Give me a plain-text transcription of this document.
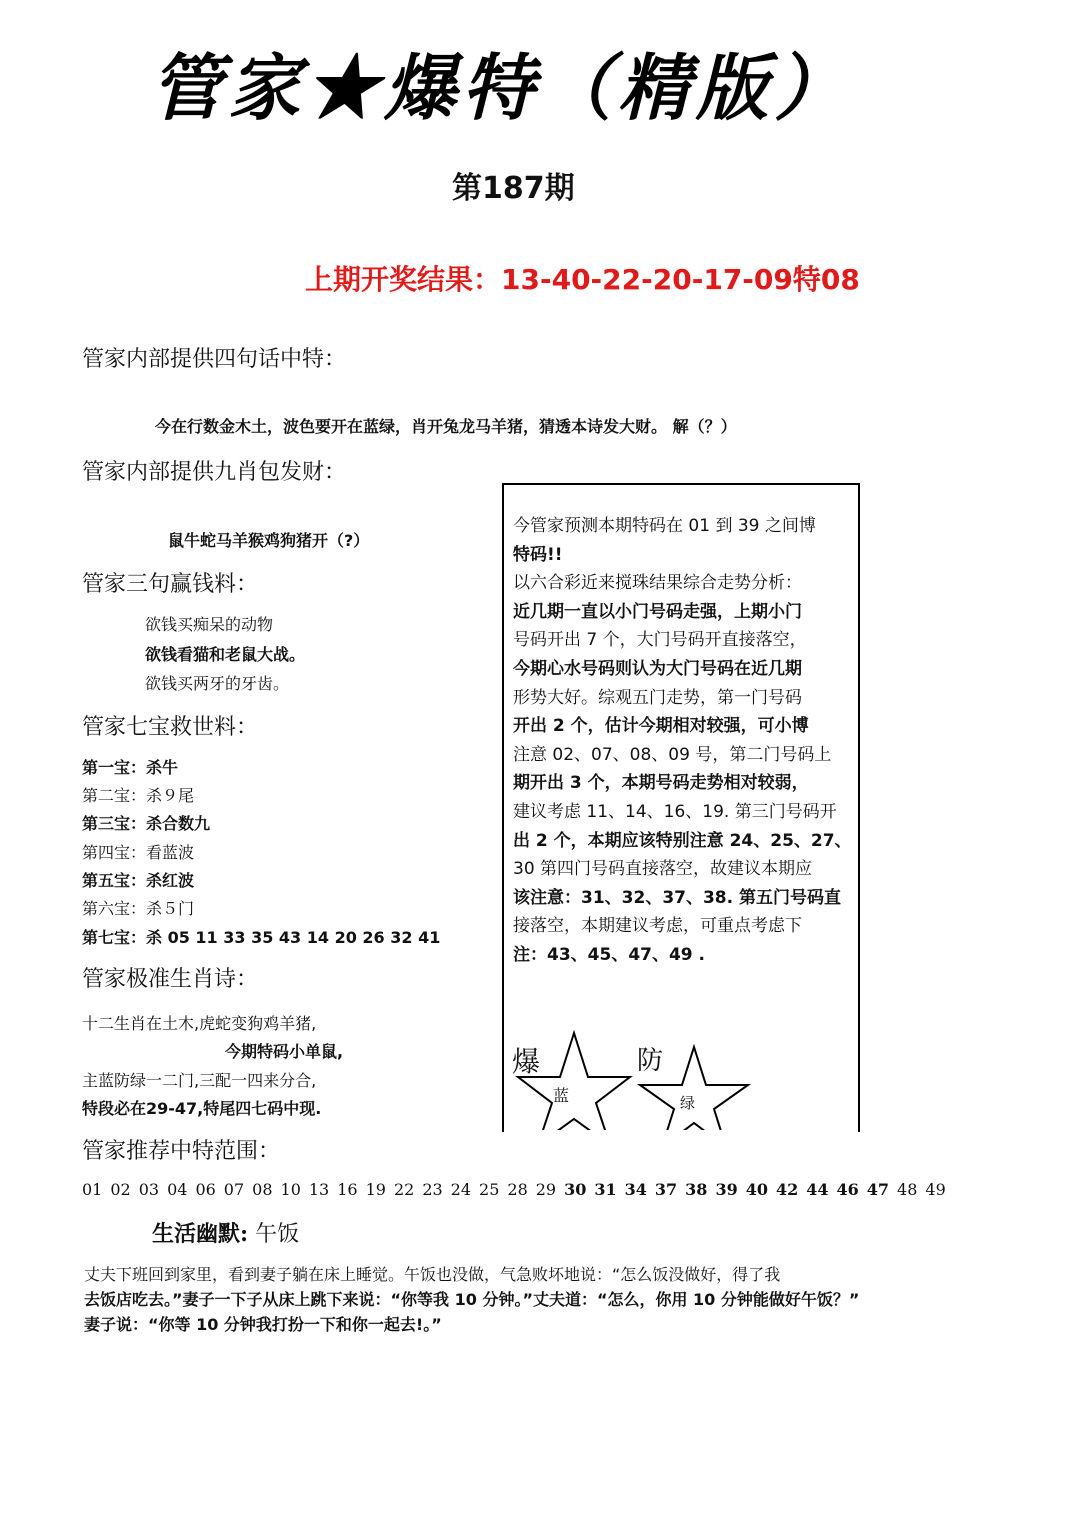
管家★爆特（精版）
第187期
上期开奖结果：13-40-22-20-17-09特08
管家内部提供四句话中特：
今在行数金木土，波色要开在蓝绿，肖开兔龙马羊猪，猜透本诗发大财。 解（？）
管家内部提供九肖包发财：
鼠牛蛇马羊猴鸡狗猪开（?）
管家三句赢钱料：
欲钱买痴呆的动物
欲钱看猫和老鼠大战。
欲钱买两牙的牙齿。
管家七宝救世料：
第一宝：杀牛
第二宝：杀９尾
第三宝：杀合数九
第四宝：看蓝波
第五宝：杀红波
第六宝：杀５门
第七宝：杀 05 11 33 35 43 14 20 26 32 41
管家极准生肖诗：
十二生肖在土木,虎蛇变狗鸡羊猪,
今期特码小单鼠,
主蓝防绿一二门,三配一四来分合,
特段必在29-47,特尾四七码中现.

今管家预测本期特码在 01 到 39 之间博

特码!!

以六合彩近来搅珠结果综合走势分析：

近几期一直以小门号码走强，上期小门

号码开出 7 个，大门号码开直接落空，

今期心水号码则认为大门号码在近几期

形势大好。综观五门走势，第一门号码

开出 2 个，估计今期相对较强，可小博

注意 02、07、08、09 号，第二门号码上

期开出 3 个，本期号码走势相对较弱，

建议考虑 11、14、16、19. 第三门号码开

出 2 个，本期应该特别注意 24、25、27、

30 第四门号码直接落空，故建议本期应

该注意：31、32、37、38. 第五门号码直

接落空，本期建议考虑，可重点考虑下

注：43、45、47、49 .

爆
蓝
防
绿
管家推荐中特范围：
01 02 03 04 06 07 08 10 13 16 19 22 23 24 25 28 29 30 31 34 37 38 39 40 42 44 46 47 48 49
生活幽默: 午饭

丈夫下班回到家里，看到妻子躺在床上睡觉。午饭也没做，气急败坏地说：“怎么饭没做好，得了我

去饭店吃去。”妻子一下子从床上跳下来说：“你等我 10 分钟。”丈夫道：“怎么，你用 10 分钟能做好午饭？”

妻子说：“你等 10 分钟我打扮一下和你一起去!。”
